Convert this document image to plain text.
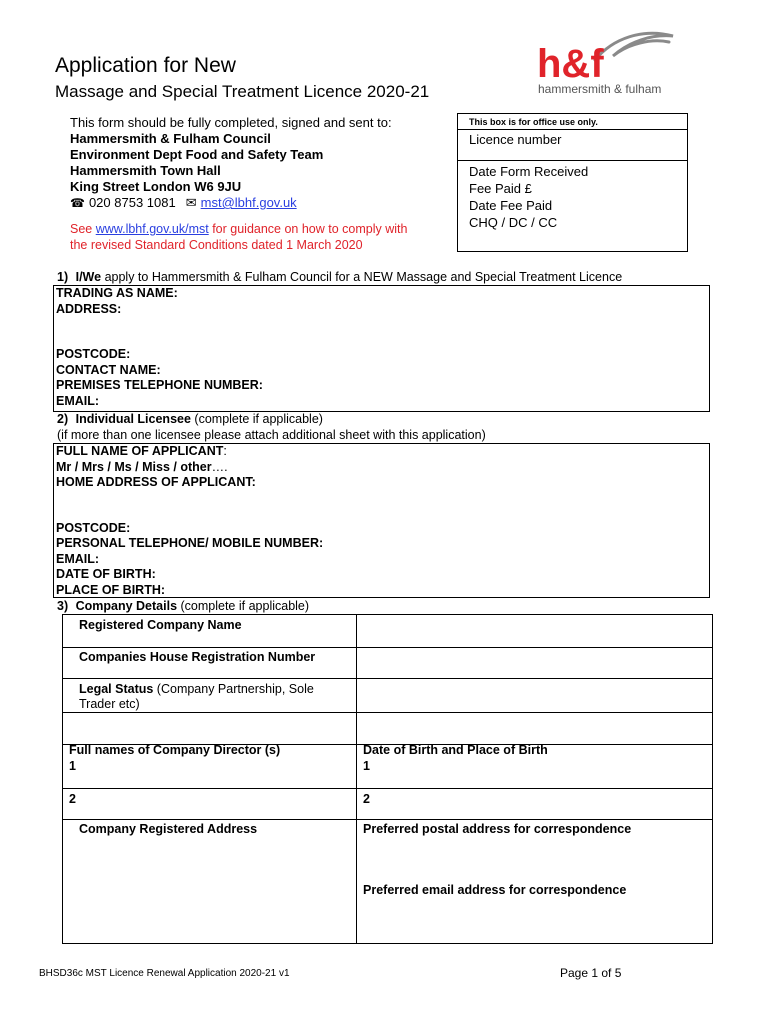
Application for New
Massage and Special Treatment Licence 2020-21
h&f
hammersmith & fulham
This form should be fully completed, signed and sent to:
Hammersmith & Fulham Council
Environment Dept Food and Safety Team
Hammersmith Town Hall
King Street London W6 9JU
☎ 020 8753 1081 ✉ mst@lbhf.gov.uk
See www.lbhf.gov.uk/mst for guidance on how to comply with
the revised Standard Conditions dated 1 March 2020
This box is for office use only.
Licence number
Date Form Received
Fee Paid £
Date Fee Paid
CHQ / DC / CC
1) I/We apply to Hammersmith & Fulham Council for a NEW Massage and Special Treatment Licence
TRADING AS NAME:
ADDRESS:
POSTCODE:
CONTACT NAME:
PREMISES TELEPHONE NUMBER:
EMAIL:
2) Individual Licensee (complete if applicable)
(if more than one licensee please attach additional sheet with this application)
FULL NAME OF APPLICANT:
Mr / Mrs / Ms / Miss / other….
HOME ADDRESS OF APPLICANT:
POSTCODE:
PERSONAL TELEPHONE/ MOBILE NUMBER:
EMAIL:
DATE OF BIRTH:
PLACE OF BIRTH:
3) Company Details (complete if applicable)
Registered Company Name
Companies House Registration Number
Legal Status (Company Partnership, Sole
Trader etc)
Full names of Company Director (s)	Date of Birth and Place of Birth
1	1
2	2
Company Registered Address	Preferred postal address for correspondence
Preferred email address for correspondence
BHSD36c MST Licence Renewal Application 2020-21 v1	Page 1 of 5
